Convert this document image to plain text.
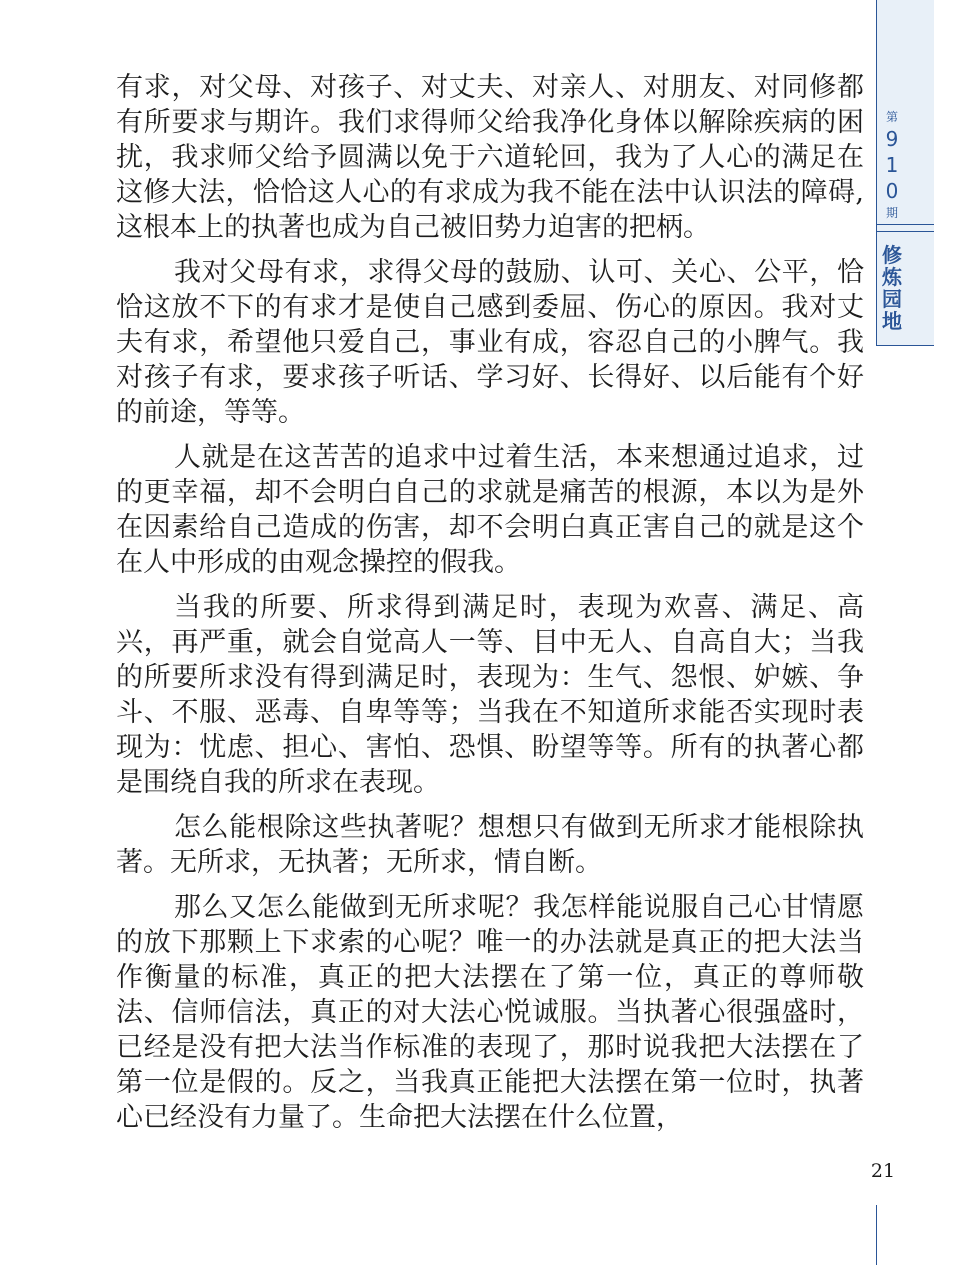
第
9
1
0
期
修
炼
园
地

有求，对父母、对孩子、对丈夫、对亲人、对朋友、对同修都有所要求与期许。我们求得师父给我净化身体以解除疾病的困扰，我求师父给予圆满以免于六道轮回，我为了人心的满足在这修大法，恰恰这人心的有求成为我不能在法中认识法的障碍,这根本上的执著也成为自己被旧势力迫害的把柄。

我对父母有求，求得父母的鼓励、认可、关心、公平，恰恰这放不下的有求才是使自己感到委屈、伤心的原因。我对丈夫有求，希望他只爱自己，事业有成，容忍自己的小脾气。我对孩子有求，要求孩子听话、学习好、长得好、以后能有个好的前途，等等。

人就是在这苦苦的追求中过着生活，本来想通过追求，过的更幸福，却不会明白自己的求就是痛苦的根源，本以为是外在因素给自己造成的伤害，却不会明白真正害自己的就是这个在人中形成的由观念操控的假我。

当我的所要、所求得到满足时，表现为欢喜、满足、高兴，再严重，就会自觉高人一等、目中无人、自高自大；当我的所要所求没有得到满足时，表现为：生气、怨恨、妒嫉、争斗、不服、恶毒、自卑等等；当我在不知道所求能否实现时表现为：忧虑、担心、害怕、恐惧、盼望等等。所有的执著心都是围绕自我的所求在表现。

怎么能根除这些执著呢？想想只有做到无所求才能根除执著。无所求，无执著；无所求，情自断。

那么又怎么能做到无所求呢？我怎样能说服自己心甘情愿的放下那颗上下求索的心呢？唯一的办法就是真正的把大法当作衡量的标准，真正的把大法摆在了第一位，真正的尊师敬法、信师信法，真正的对大法心悦诚服。当执著心很强盛时，已经是没有把大法当作标准的表现了，那时说我把大法摆在了第一位是假的。反之，当我真正能把大法摆在第一位时，执著心已经没有力量了。生命把大法摆在什么位置，

21
